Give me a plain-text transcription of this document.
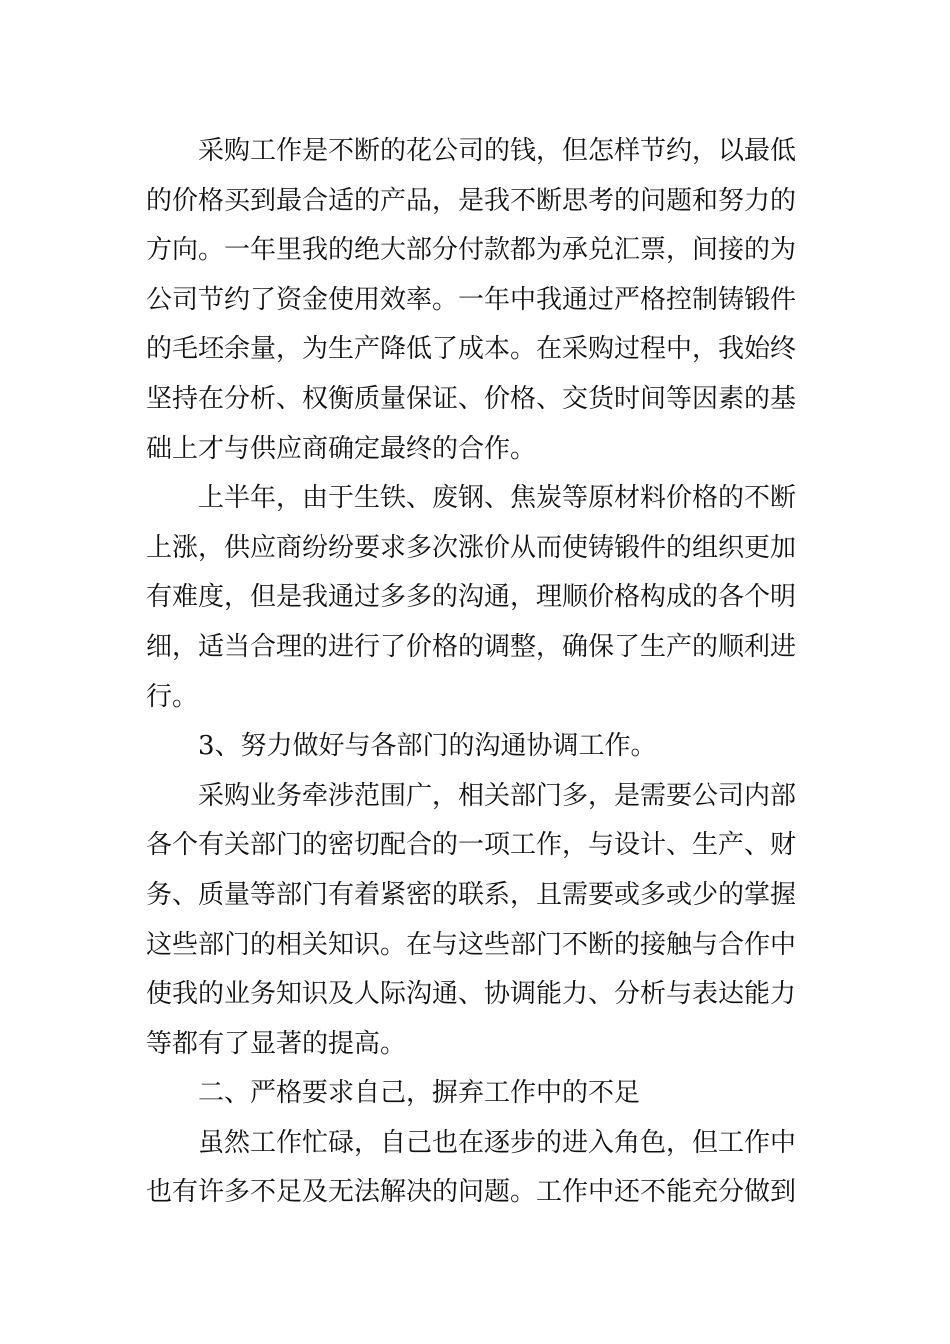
　　采购工作是不断的花公司的钱，但怎样节约，以最低
的价格买到最合适的产品，是我不断思考的问题和努力的
方向。一年里我的绝大部分付款都为承兑汇票，间接的为
公司节约了资金使用效率。一年中我通过严格控制铸锻件
的毛坯余量，为生产降低了成本。在采购过程中，我始终
坚持在分析、权衡质量保证、价格、交货时间等因素的基
础上才与供应商确定最终的合作。
　　上半年，由于生铁、废钢、焦炭等原材料价格的不断
上涨，供应商纷纷要求多次涨价从而使铸锻件的组织更加
有难度，但是我通过多多的沟通，理顺价格构成的各个明
细，适当合理的进行了价格的调整，确保了生产的顺利进
行。
　　3、努力做好与各部门的沟通协调工作。
　　采购业务牵涉范围广，相关部门多，是需要公司内部
各个有关部门的密切配合的一项工作，与设计、生产、财
务、质量等部门有着紧密的联系，且需要或多或少的掌握
这些部门的相关知识。在与这些部门不断的接触与合作中
使我的业务知识及人际沟通、协调能力、分析与表达能力
等都有了显著的提高。
　　二、严格要求自己，摒弃工作中的不足
　　虽然工作忙碌，自己也在逐步的进入角色，但工作中
也有许多不足及无法解决的问题。工作中还不能充分做到
